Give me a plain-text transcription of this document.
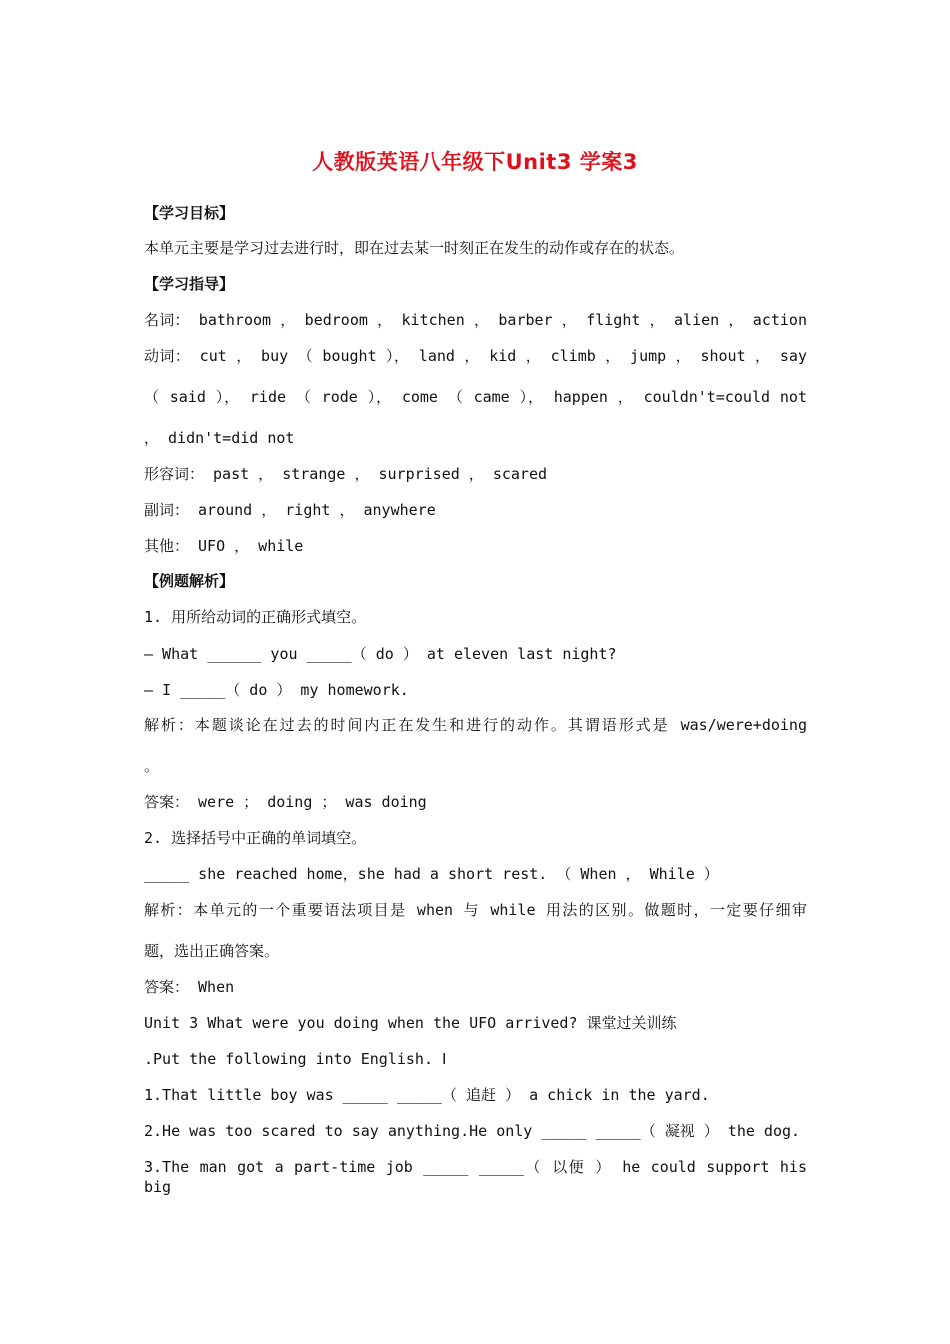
人教版英语八年级下Unit3 学案3
【学习目标】
本单元主要是学习过去进行时，即在过去某一时刻正在发生的动作或存在的状态。
【学习指导】
名词： bathroom ， bedroom ， kitchen ， barber ， flight ， alien ， action
动词： cut ， buy （ bought ）， land ， kid ， climb ， jump ， shout ， say
（ said ）， ride （ rode ）， come （ came ）， happen ， couldn't=could not
， didn't=did not
形容词： past ， strange ， surprised ， scared
副词： around ， right ， anywhere
其他： UFO ， while
【例题解析】
1. 用所给动词的正确形式填空。
— What ______ you _____（ do ） at eleven last night?
— I _____（ do ） my homework.
解析：本题谈论在过去的时间内正在发生和进行的动作。其谓语形式是 was/were+doing
。
答案： were ； doing ； was doing
2. 选择括号中正确的单词填空。
_____ she reached home，she had a short rest. （ When ， While ）
解析：本单元的一个重要语法项目是 when 与 while 用法的区别。做题时，一定要仔细审
题，选出正确答案。
答案： When
Unit 3 What were you doing when the UFO arrived? 课堂过关训练
.Put the following into English. Ⅰ
1.That little boy was _____ _____（ 追赶 ） a chick in the yard.
2.He was too scared to say anything.He only _____ _____（ 凝视 ） the dog.
3.The man got a part-time job _____ _____（ 以便 ） he could support his big
